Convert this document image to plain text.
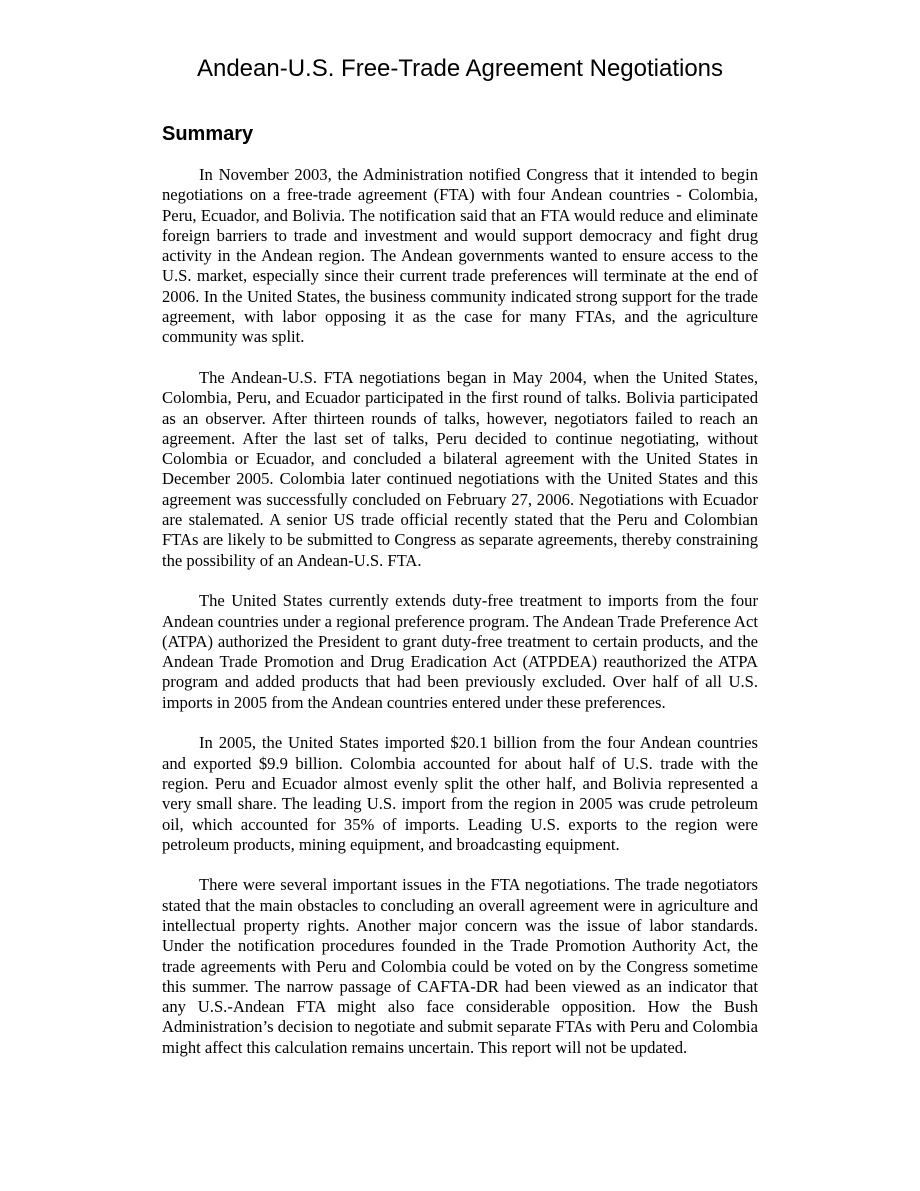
Andean-U.S. Free-Trade Agreement Negotiations
Summary

In November 2003, the Administration notified Congress that it intended to begin negotiations on a free-trade agreement (FTA) with four Andean countries - Colombia, Peru, Ecuador, and Bolivia. The notification said that an FTA would reduce and eliminate foreign barriers to trade and investment and would support democracy and fight drug activity in the Andean region. The Andean governments wanted to ensure access to the U.S. market, especially since their current trade preferences will terminate at the end of 2006. In the United States, the business community indicated strong support for the trade agreement, with labor opposing it as the case for many FTAs, and the agriculture community was split.

The Andean-U.S. FTA negotiations began in May 2004, when the United States, Colombia, Peru, and Ecuador participated in the first round of talks. Bolivia participated as an observer. After thirteen rounds of talks, however, negotiators failed to reach an agreement. After the last set of talks, Peru decided to continue negotiating, without Colombia or Ecuador, and concluded a bilateral agreement with the United States in December 2005. Colombia later continued negotiations with the United States and this agreement was successfully concluded on February 27, 2006. Negotiations with Ecuador are stalemated. A senior US trade official recently stated that the Peru and Colombian FTAs are likely to be submitted to Congress as separate agreements, thereby constraining the possibility of an Andean-U.S. FTA.

The United States currently extends duty-free treatment to imports from the four Andean countries under a regional preference program. The Andean Trade Preference Act (ATPA) authorized the President to grant duty-free treatment to certain products, and the Andean Trade Promotion and Drug Eradication Act (ATPDEA) reauthorized the ATPA program and added products that had been previously excluded. Over half of all U.S. imports in 2005 from the Andean countries entered under these preferences.

In 2005, the United States imported $20.1 billion from the four Andean countries and exported $9.9 billion. Colombia accounted for about half of U.S. trade with the region. Peru and Ecuador almost evenly split the other half, and Bolivia represented a very small share. The leading U.S. import from the region in 2005 was crude petroleum oil, which accounted for 35% of imports. Leading U.S. exports to the region were petroleum products, mining equipment, and broadcasting equipment.

There were several important issues in the FTA negotiations. The trade negotiators stated that the main obstacles to concluding an overall agreement were in agriculture and intellectual property rights. Another major concern was the issue of labor standards. Under the notification procedures founded in the Trade Promotion Authority Act, the trade agreements with Peru and Colombia could be voted on by the Congress sometime this summer. The narrow passage of CAFTA-DR had been viewed as an indicator that any U.S.-Andean FTA might also face considerable opposition. How the Bush Administration’s decision to negotiate and submit separate FTAs with Peru and Colombia might affect this calculation remains uncertain. This report will not be updated.
